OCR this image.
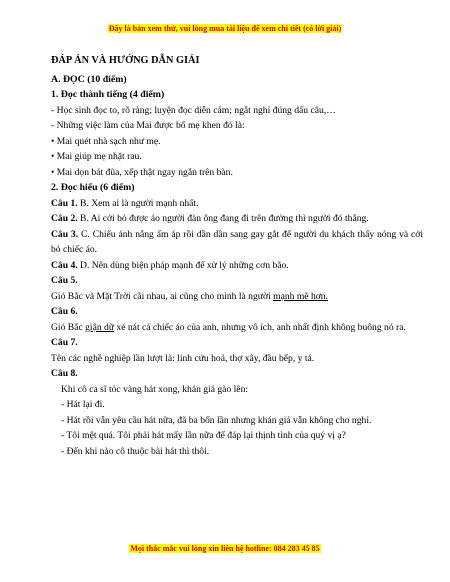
Đây là bản xem thử, vui lòng mua tài liệu để xem chi tiết (có lời giải)
ĐÁP ÁN VÀ HƯỚNG DẪN GIẢI
A. ĐỌC (10 điểm)
1. Đọc thành tiếng (4 điểm)
- Học sinh đọc to, rõ ràng; luyện đọc diễn cảm; ngắt nghỉ đúng dấu câu,…
- Những việc làm của Mai được bố mẹ khen đó là:
• Mai quét nhà sạch như mẹ.
• Mai giúp mẹ nhặt rau.
• Mai dọn bát đũa, xếp thật ngay ngắn trên bàn.
2. Đọc hiểu (6 điểm)
Câu 1. B. Xem ai là người mạnh nhất.
Câu 2. B. Ai cởi bỏ được áo người đàn ông đang đi trên đường thì người đó thắng.
Câu 3. C. Chiếu ánh nắng ấm áp rồi dần dần sang gay gắt để người du khách thấy nóng và cởi bỏ chiếc áo.
Câu 4. D. Nên dùng biện pháp mạnh để xử lý những cơn bão.
Câu 5.
Gió Bắc và Mặt Trời cãi nhau, ai cũng cho mình là người mạnh mẽ hơn.
Câu 6.
Gió Bắc giận dữ xé nát cả chiếc áo của anh, nhưng vô ích, anh nhất định không buông nó ra.
Câu 7.
Tên các nghề nghiệp lần lượt là: lính cứu hoả, thợ xây, đầu bếp, y tá.
Câu 8.
Khi cô ca sĩ tóc vàng hát xong, khán giả gào lên:
- Hát lại đi.
- Hát rồi vẫn yêu cầu hát nữa, đã ba bốn lần nhưng khán giả vẫn không cho nghỉ.
- Tôi mệt quá. Tôi phải hát mấy lần nữa để đáp lại thịnh tình của quý vị ạ?
- Đến khi nào cô thuộc bài hát thì thôi.
Mọi thắc mắc vui lòng xin liên hệ hotline: 084 283 45 85
